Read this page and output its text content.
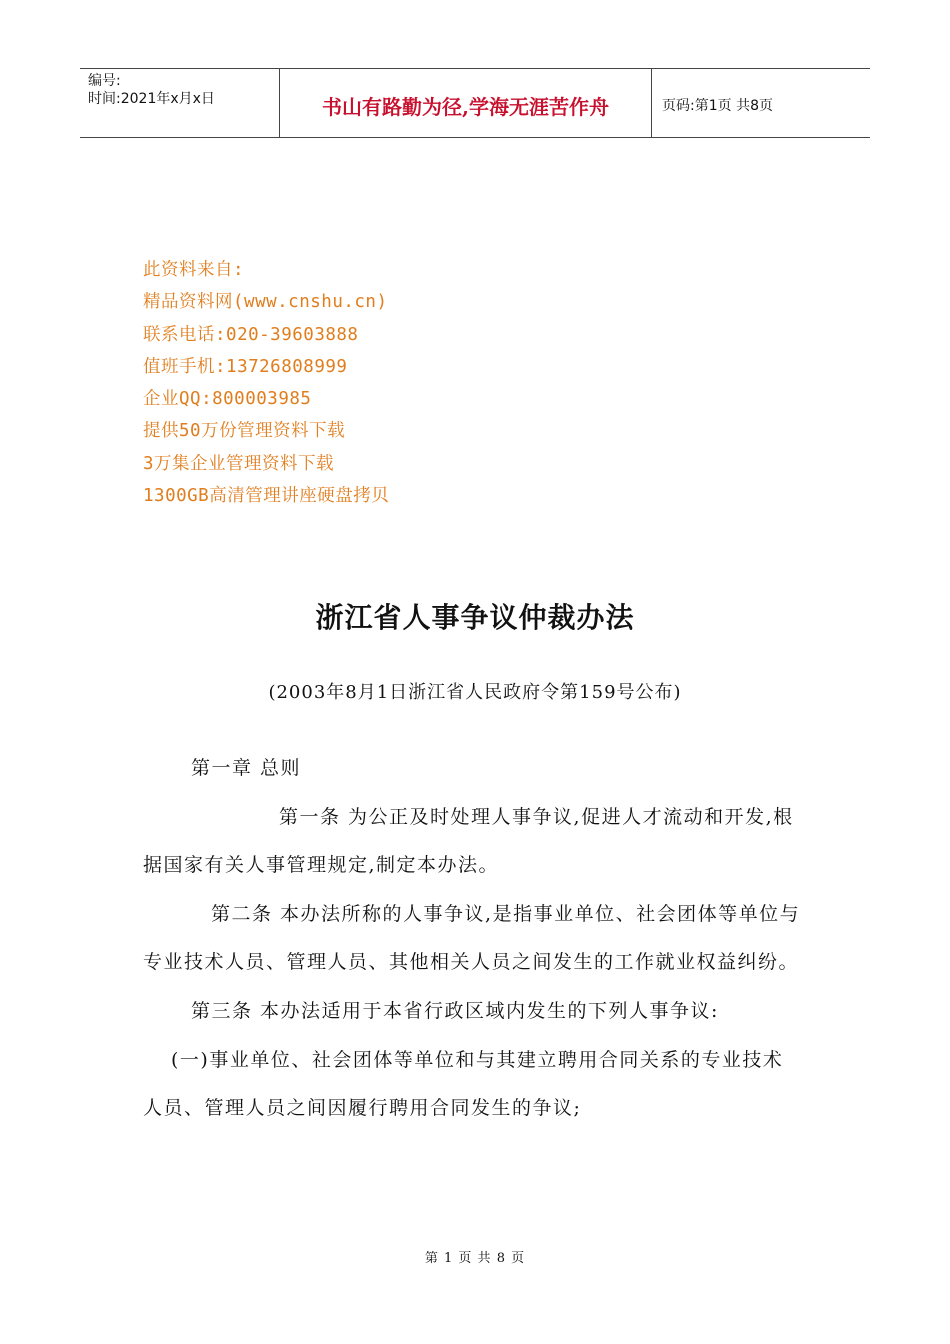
编号:
时间:2021年x月x日	书山有路勤为径,学海无涯苦作舟	页码:第1页 共8页
此资料来自:
精品资料网(www.cnshu.cn)
联系电话:020-39603888
值班手机:13726808999
企业QQ:800003985
提供50万份管理资料下载
3万集企业管理资料下载
1300GB高清管理讲座硬盘拷贝
浙江省人事争议仲裁办法
(2003年8月1日浙江省人民政府令第159号公布)

第一章 总则

第一条 为公正及时处理人事争议,促进人才流动和开发,根据国家有关人事管理规定,制定本办法。

第二条 本办法所称的人事争议,是指事业单位、社会团体等单位与专业技术人员、管理人员、其他相关人员之间发生的工作就业权益纠纷。

第三条 本办法适用于本省行政区域内发生的下列人事争议:

(一)事业单位、社会团体等单位和与其建立聘用合同关系的专业技术人员、管理人员之间因履行聘用合同发生的争议;

第 1 页 共 8 页
